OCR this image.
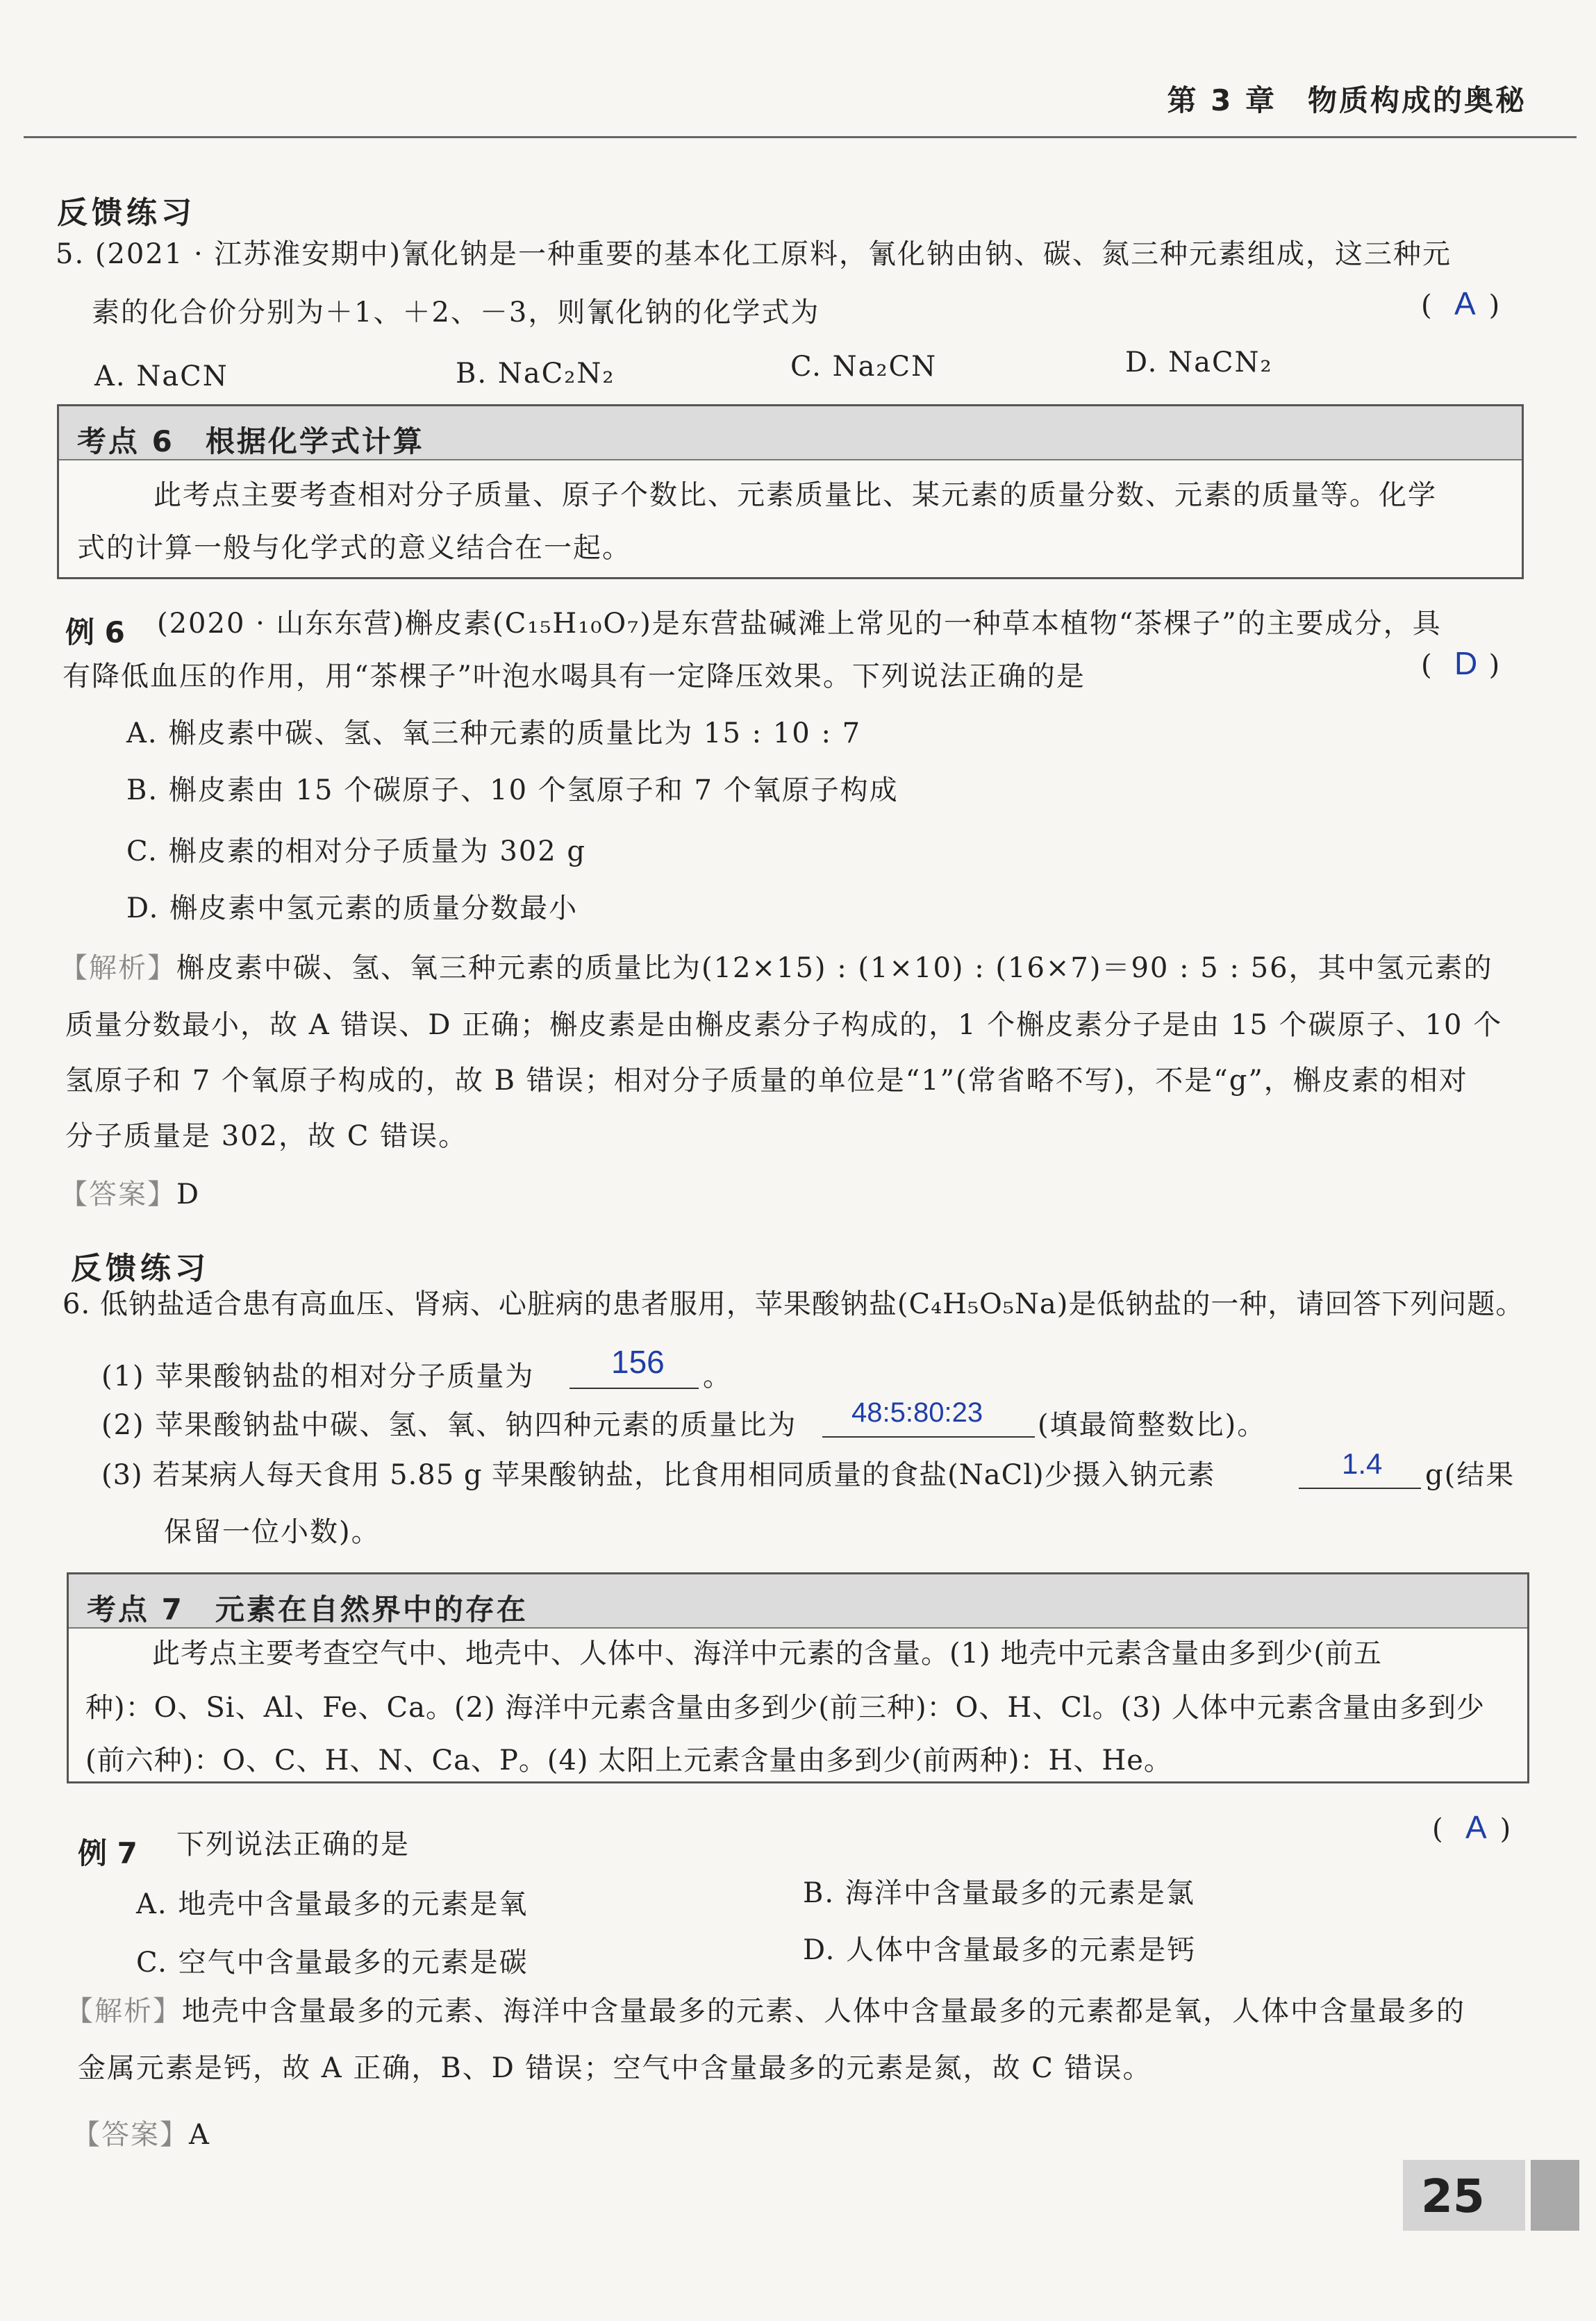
第 3 章　物质构成的奥秘
反馈练习
5. (2021 · 江苏淮安期中)氰化钠是一种重要的基本化工原料，氰化钠由钠、碳、氮三种元素组成，这三种元
素的化合价分别为＋1、＋2、－3，则氰化钠的化学式为	( )
A
A. NaCN	B. NaC₂N₂	C. Na₂CN	D. NaCN₂
考点 6　根据化学式计算
此考点主要考查相对分子质量、原子个数比、元素质量比、某元素的质量分数、元素的质量等。化学
式的计算一般与化学式的意义结合在一起。
例 6 (2020 · 山东东营)槲皮素(C₁₅H₁₀O₇)是东营盐碱滩上常见的一种草本植物“茶棵子”的主要成分，具
有降低血压的作用，用“茶棵子”叶泡水喝具有一定降压效果。下列说法正确的是	( )
D
A. 槲皮素中碳、氢、氧三种元素的质量比为 15 : 10 : 7
B. 槲皮素由 15 个碳原子、10 个氢原子和 7 个氧原子构成
C. 槲皮素的相对分子质量为 302 g
D. 槲皮素中氢元素的质量分数最小
【解析】槲皮素中碳、氢、氧三种元素的质量比为(12×15) : (1×10) : (16×7)＝90 : 5 : 56，其中氢元素的
质量分数最小，故 A 错误、D 正确；槲皮素是由槲皮素分子构成的，1 个槲皮素分子是由 15 个碳原子、10 个
氢原子和 7 个氧原子构成的，故 B 错误；相对分子质量的单位是“1”(常省略不写)，不是“g”，槲皮素的相对
分子质量是 302，故 C 错误。
【答案】D
反馈练习
6. 低钠盐适合患有高血压、肾病、心脏病的患者服用，苹果酸钠盐(C₄H₅O₅Na)是低钠盐的一种，请回答下列问题。
(1) 苹果酸钠盐的相对分子质量为 156 。
(2) 苹果酸钠盐中碳、氢、氧、钠四种元素的质量比为 48:5:80:23 (填最简整数比)。
(3) 若某病人每天食用 5.85 g 苹果酸钠盐，比食用相同质量的食盐(NaCl)少摄入钠元素	1.4 g(结果
保留一位小数)。
考点 7　元素在自然界中的存在
此考点主要考查空气中、地壳中、人体中、海洋中元素的含量。(1) 地壳中元素含量由多到少(前五
种)：O、Si、Al、Fe、Ca。(2) 海洋中元素含量由多到少(前三种)：O、H、Cl。(3) 人体中元素含量由多到少
(前六种)：O、C、H、N、Ca、P。(4) 太阳上元素含量由多到少(前两种)：H、He。
例 7 下列说法正确的是	( )
A
A. 地壳中含量最多的元素是氧	B. 海洋中含量最多的元素是氯
C. 空气中含量最多的元素是碳	D. 人体中含量最多的元素是钙
【解析】地壳中含量最多的元素、海洋中含量最多的元素、人体中含量最多的元素都是氧，人体中含量最多的
金属元素是钙，故 A 正确，B、D 错误；空气中含量最多的元素是氮，故 C 错误。
【答案】A
25
